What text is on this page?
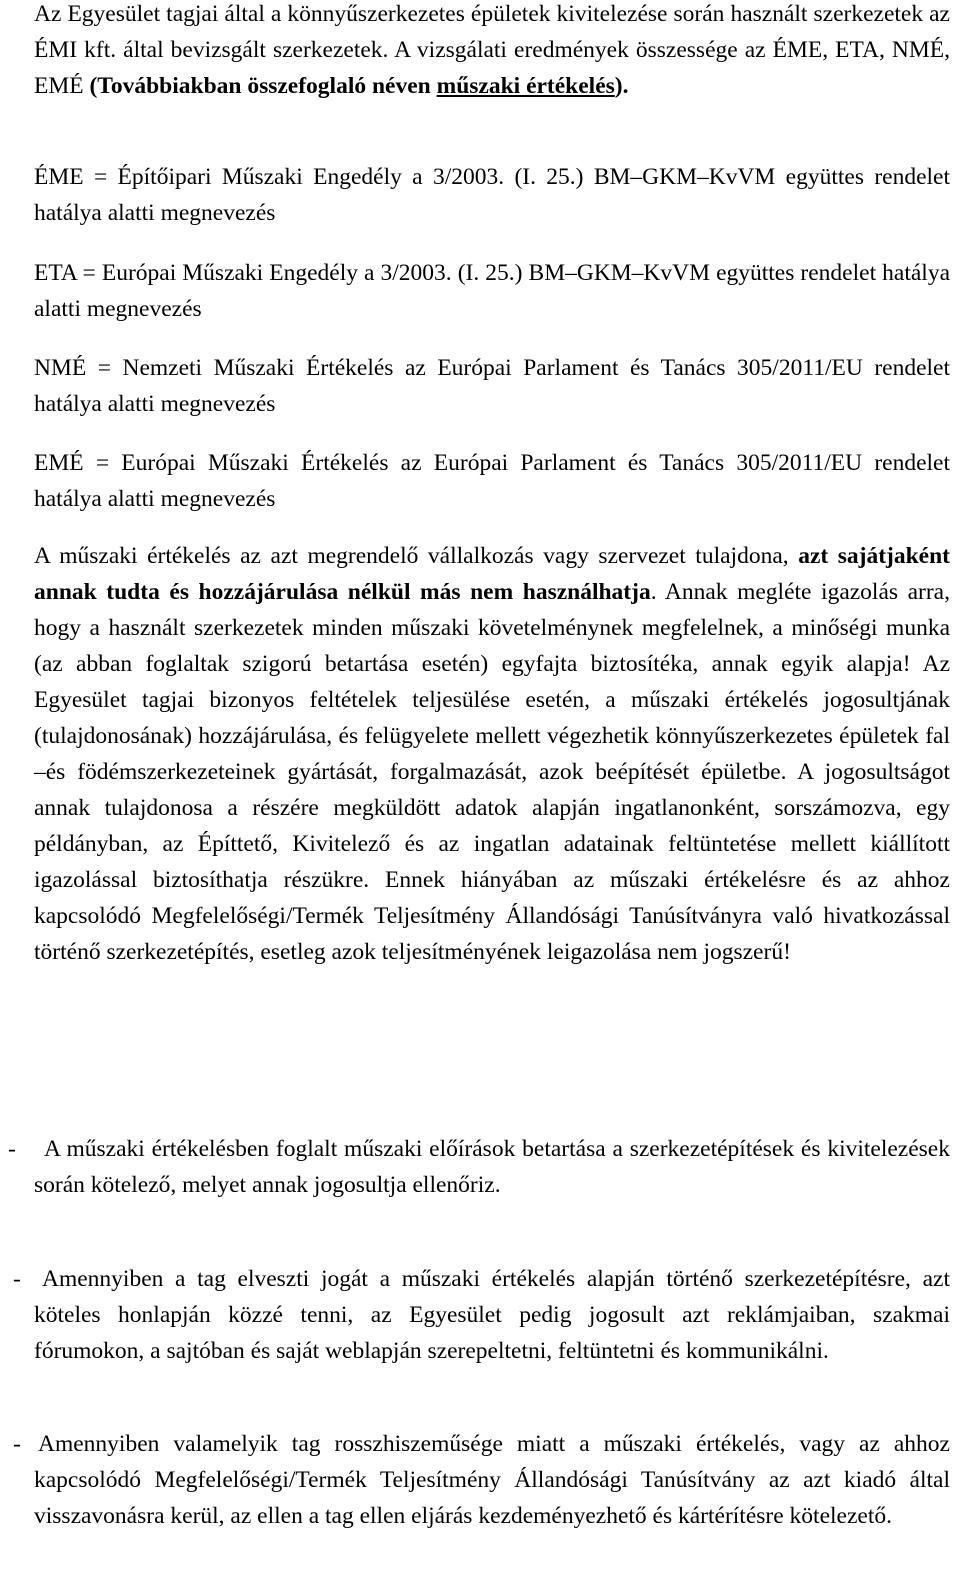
Az Egyesület tagjai által a könnyűszerkezetes épületek kivitelezése során használt szerkezetek az ÉMI kft. által bevizsgált szerkezetek. A vizsgálati eredmények összessége az ÉME, ETA, NMÉ, EMÉ (Továbbiakban összefoglaló néven műszaki értékelés).

ÉME = Építőipari Műszaki Engedély a 3/2003. (I. 25.) BM–GKM–KvVM együttes rendelet hatálya alatti megnevezés

ETA = Európai Műszaki Engedély a 3/2003. (I. 25.) BM–GKM–KvVM együttes rendelet hatálya alatti megnevezés

NMÉ = Nemzeti Műszaki Értékelés az Európai Parlament és Tanács 305/2011/EU rendelet hatálya alatti megnevezés

EMÉ = Európai Műszaki Értékelés az Európai Parlament és Tanács 305/2011/EU rendelet hatálya alatti megnevezés

A műszaki értékelés az azt megrendelő vállalkozás vagy szervezet tulajdona, azt sajátjaként annak tudta és hozzájárulása nélkül más nem használhatja. Annak megléte igazolás arra, hogy a használt szerkezetek minden műszaki követelménynek megfelelnek, a minőségi munka (az abban foglaltak szigorú betartása esetén) egyfajta biztosítéka, annak egyik alapja! Az Egyesület tagjai bizonyos feltételek teljesülése esetén, a műszaki értékelés jogosultjának (tulajdonosának) hozzájárulása, és felügyelete mellett végezhetik könnyűszerkezetes épületek fal –és födémszerkezeteinek gyártását, forgalmazását, azok beépítését épületbe. A jogosultságot annak tulajdonosa a részére megküldött adatok alapján ingatlanonként, sorszámozva, egy példányban, az Építtető, Kivitelező és az ingatlan adatainak feltüntetése mellett kiállított igazolással biztosíthatja részükre. Ennek hiányában az műszaki értékelésre és az ahhoz kapcsolódó Megfelelőségi/Termék Teljesítmény Állandósági Tanúsítványra való hivatkozással történő szerkezetépítés, esetleg azok teljesítményének leigazolása nem jogszerű!

-	A műszaki értékelésben foglalt műszaki előírások betartása a szerkezetépítések és kivitelezések során kötelező, melyet annak jogosultja ellenőriz.

- Amennyiben a tag elveszti jogát a műszaki értékelés alapján történő szerkezetépítésre, azt köteles honlapján közzé tenni, az Egyesület pedig jogosult azt reklámjaiban, szakmai fórumokon, a sajtóban és saját weblapján szerepeltetni, feltüntetni és kommunikálni.

- Amennyiben valamelyik tag rosszhiszeműsége miatt a műszaki értékelés, vagy az ahhoz kapcsolódó Megfelelőségi/Termék Teljesítmény Állandósági Tanúsítvány az azt kiadó által visszavonásra kerül, az ellen a tag ellen eljárás kezdeményezhető és kártérítésre kötelezető.
